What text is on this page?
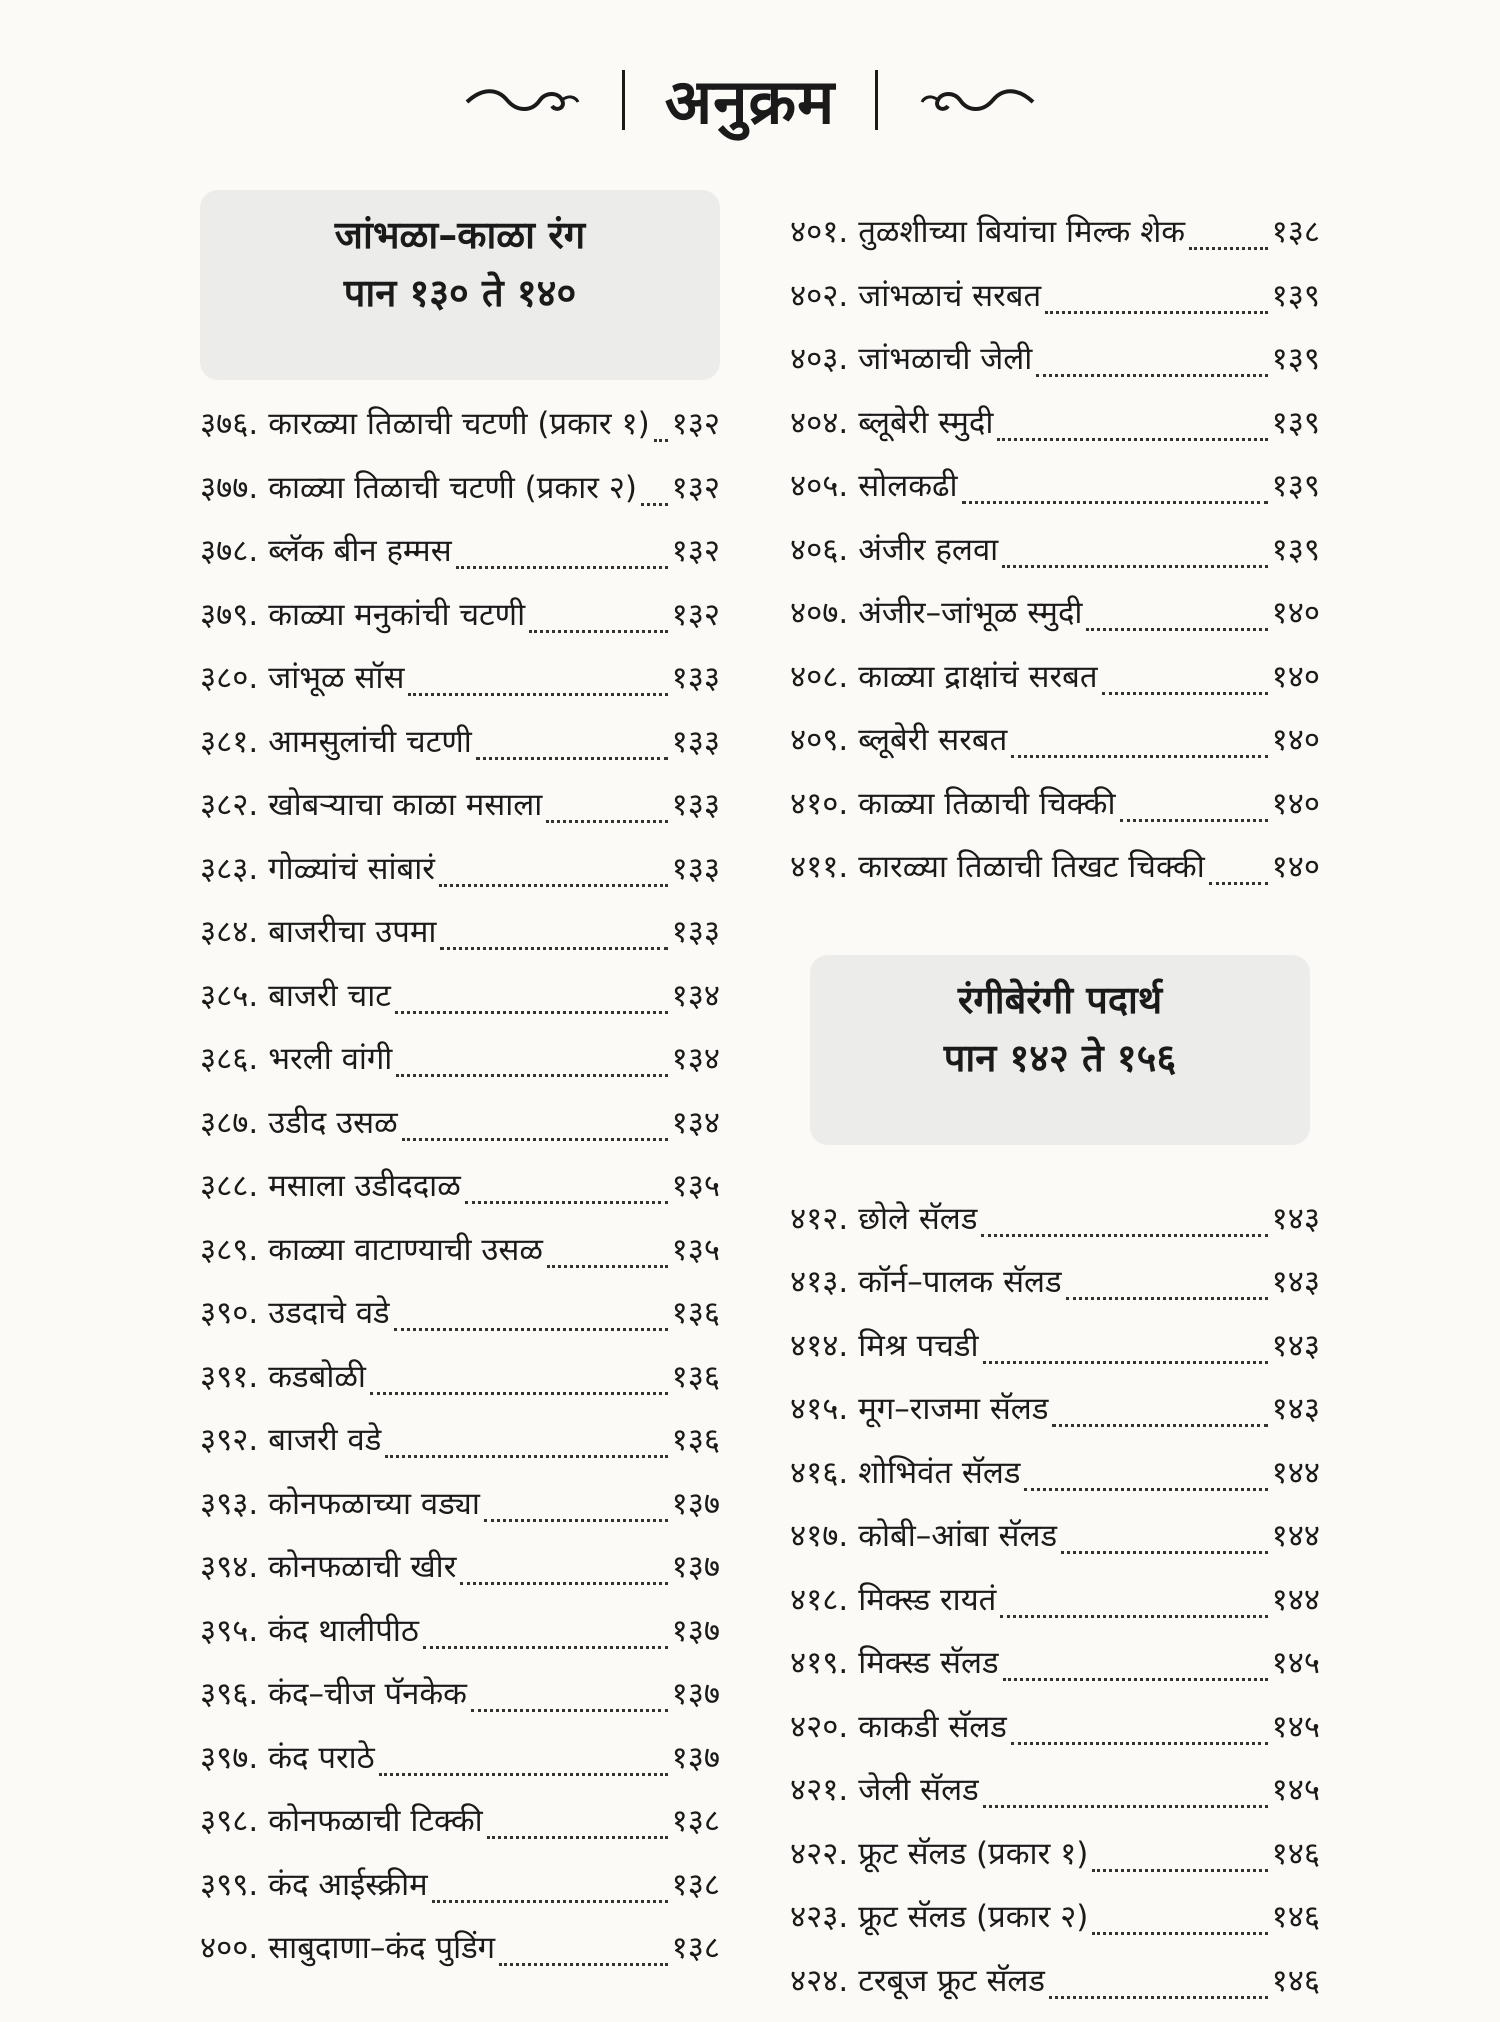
अनुक्रम
जांभळा–काळा रंग
पान १३० ते १४०
३७६. कारळ्या तिळाची चटणी (प्रकार १) १३२
३७७. काळ्या तिळाची चटणी (प्रकार २) १३२
३७८. ब्लॅक बीन हम्मस	१३२
३७९. काळ्या मनुकांची चटणी	१३२
३८०. जांभूळ सॉस	१३३
३८१. आमसुलांची चटणी	१३३
३८२. खोबऱ्याचा काळा मसाला	१३३
३८३. गोळ्यांचं सांबारं	१३३
३८४. बाजरीचा उपमा	१३३
३८५. बाजरी चाट	१३४
३८६. भरली वांगी	१३४
३८७. उडीद उसळ	१३४
३८८. मसाला उडीददाळ	१३५
३८९. काळ्या वाटाण्याची उसळ	१३५
३९०. उडदाचे वडे	१३६
३९१. कडबोळी	१३६
३९२. बाजरी वडे	१३६
३९३. कोनफळाच्या वड्या	१३७
३९४. कोनफळाची खीर	१३७
३९५. कंद थालीपीठ	१३७
३९६. कंद–चीज पॅनकेक	१३७
३९७. कंद पराठे	१३७
३९८. कोनफळाची टिक्की	१३८
३९९. कंद आईस्क्रीम	१३८
४००. साबुदाणा–कंद पुडिंग	१३८
४०१. तुळशीच्या बियांचा मिल्क शेक	१३८
४०२. जांभळाचं सरबत	१३९
४०३. जांभळाची जेली	१३९
४०४. ब्लूबेरी स्मुदी	१३९
४०५. सोलकढी	१३९
४०६. अंजीर हलवा	१३९
४०७. अंजीर–जांभूळ स्मुदी	१४०
४०८. काळ्या द्राक्षांचं सरबत	१४०
४०९. ब्लूबेरी सरबत	१४०
४१०. काळ्या तिळाची चिक्की	१४०
४११. कारळ्या तिळाची तिखट चिक्की १४०
रंगीबेरंगी पदार्थ
पान १४२ ते १५६
४१२. छोले सॅलड	१४३
४१३. कॉर्न–पालक सॅलड	१४३
४१४. मिश्र पचडी	१४३
४१५. मूग–राजमा सॅलड	१४३
४१६. शोभिवंत सॅलड	१४४
४१७. कोबी–आंबा सॅलड	१४४
४१८. मिक्स्ड रायतं	१४४
४१९. मिक्स्ड सॅलड	१४५
४२०. काकडी सॅलड	१४५
४२१. जेली सॅलड	१४५
४२२. फ्रूट सॅलड (प्रकार १)	१४६
४२३. फ्रूट सॅलड (प्रकार २)	१४६
४२४. टरबूज फ्रूट सॅलड	१४६
